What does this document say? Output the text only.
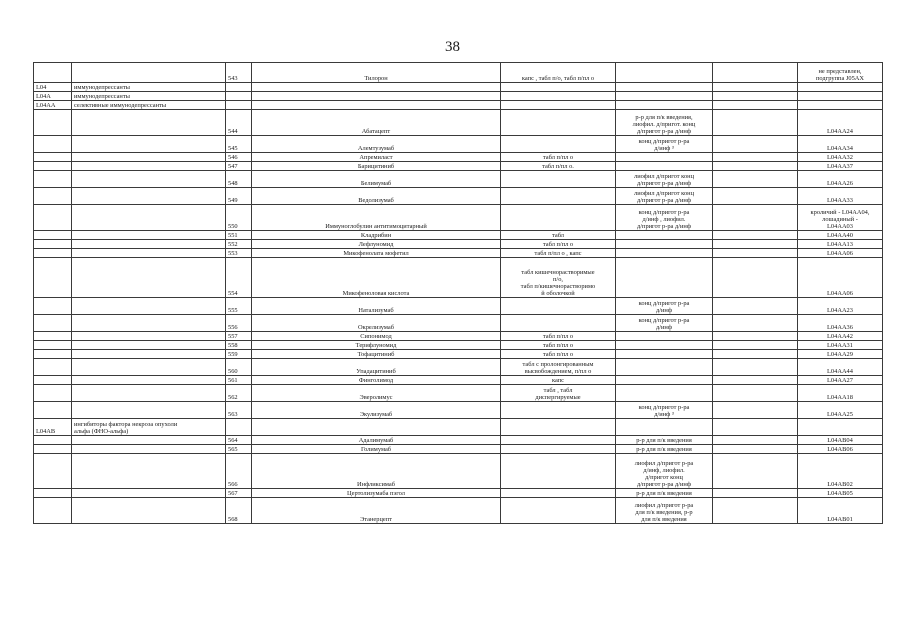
38
		543	Тилорон	капс , табл п/о, табл п/пл о			не представлен,
подгруппа J05AX
L04	иммунодепрессанты						
L04A	иммунодепрессанты						
L04AA	селективные иммунодепрессанты						
		544	Абатацепт		р-р для п/к введения,
лиофил. д/пригот. конц
д/пригот р-ра д/инф		L04AA24
		545	Алемтузумаб		конц д/пригот р-ра
д/инф ³		L04AA34
		546	Апремиласт	табл п/пл о			L04AA32
		547	Барицитиниб	табл п/пл о.			L04AA37
		548	Белимумаб		лиофил д/пригот конц
д/пригот р-ра д/инф		L04AA26
		549	Ведолизумаб		лиофил д/пригот конц
д/пригот р-ра д/инф		L04AA33
		550	Иммуноглобулин антитимоцитарный		конц д/пригот р-ра
д/инф , лиофил.
д/пригот р-ра д/инф		кроличий - L04AA04,
лошадиный -
L04AA03
		551	Кладрибин	табл			L04AA40
		552	Лефлуномид	табл п/пл о			L04AA13
		553	Микофенолата мофетил	табл п/пл о , капс			L04AA06
		554	Микофеноловая кислота	табл кишечнорастворимые
п/о,
табл п/кишечнорастворимо
й оболочкой			L04AA06
		555	Натализумаб		конц д/пригот р-ра
д/инф		L04AA23
		556	Окрелизумаб		конц д/пригот р-ра
д/инф		L04AA36
		557	Сипонимод	табл п/пл о			L04AA42
		558	Терифлуномид	табл п/пл о			L04AA31
		559	Тофацитиниб	табл п/пл о			L04AA29
		560	Упадацитиниб	табл с пролонгированным
высвобождением, п/пл о			L04AA44
		561	Финголимод	капс			L04AA27
		562	Эверолимус	табл , табл
диспергируемые			L04AA18
		563	Экулизумаб		конц д/пригот р-ра
д/инф ³		L04AA25
L04AB	ингибиторы фактора некроза опухоли
альфа (ФНО-альфа)						
		564	Адалимумаб		р-р для п/к введения		L04AB04
		565	Голимумаб		р-р для п/к введения		L04AB06
		566	Инфликсимаб		лиофил д/пригот р-ра
д/инф, лиофил.
д/пригот конц
д/пригот р-ра д/инф		L04AB02
		567	Цертолизумаба пэгол		р-р для п/к введения		L04AB05
		568	Этанерцепт		лиофил д/пригот р-ра
для п/к введения, р-р
для п/к введения		L04AB01
